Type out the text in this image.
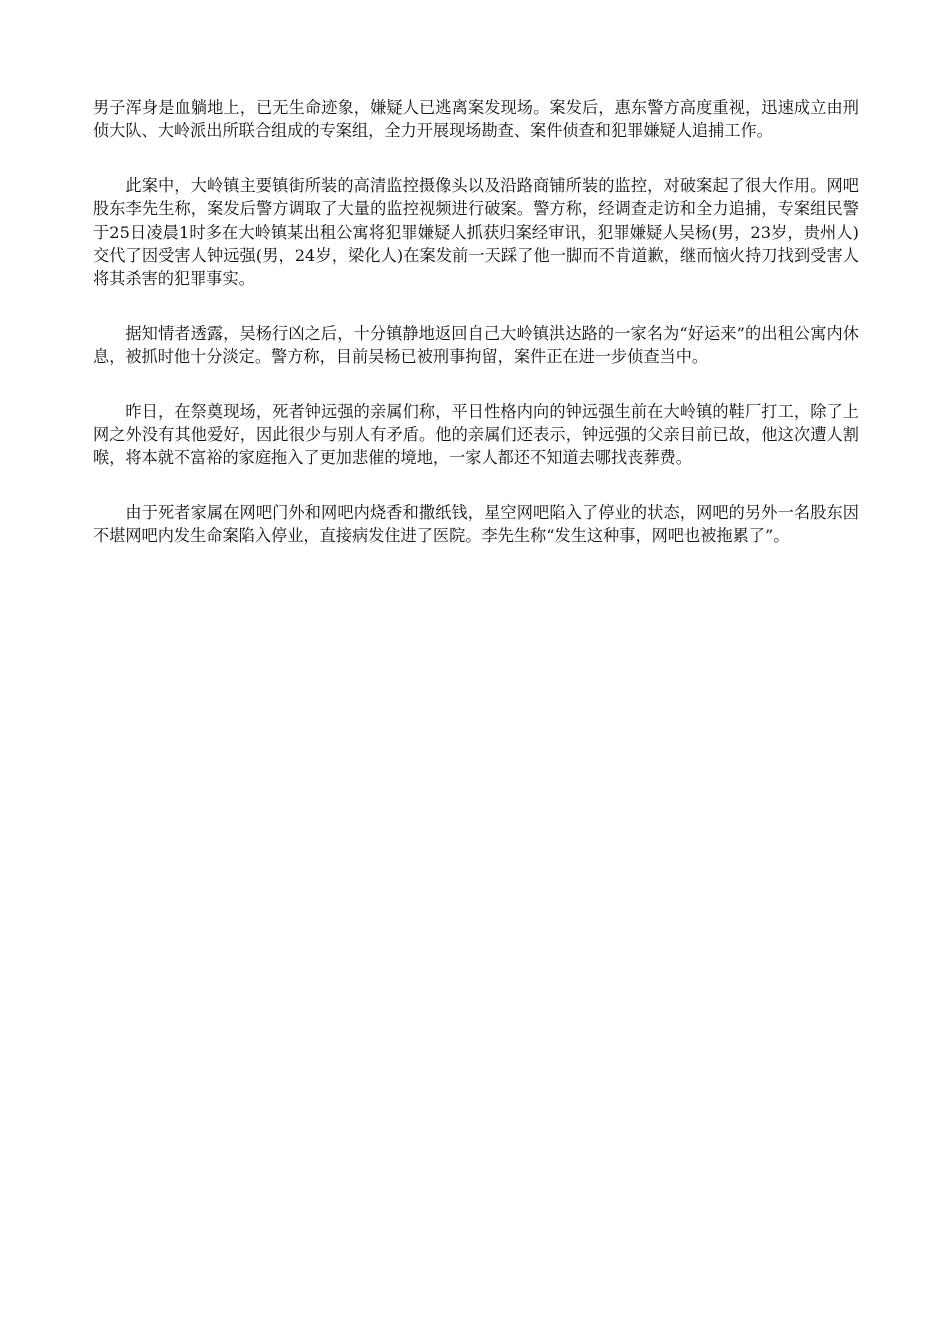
男子浑身是血躺地上，已无生命迹象，嫌疑人已逃离案发现场。案发后，惠东警方高度重视，迅速成立由刑侦大队、大岭派出所联合组成的专案组，全力开展现场勘查、案件侦查和犯罪嫌疑人追捕工作。

此案中，大岭镇主要镇街所装的高清监控摄像头以及沿路商铺所装的监控，对破案起了很大作用。网吧股东李先生称，案发后警方调取了大量的监控视频进行破案。警方称，经调查走访和全力追捕，专案组民警于25日凌晨1时多在大岭镇某出租公寓将犯罪嫌疑人抓获归案经审讯，犯罪嫌疑人吴杨(男，23岁，贵州人)交代了因受害人钟远强(男，24岁，梁化人)在案发前一天踩了他一脚而不肯道歉，继而恼火持刀找到受害人将其杀害的犯罪事实。

据知情者透露，吴杨行凶之后，十分镇静地返回自己大岭镇洪达路的一家名为“好运来”的出租公寓内休息，被抓时他十分淡定。警方称，目前吴杨已被刑事拘留，案件正在进一步侦查当中。

昨日，在祭奠现场，死者钟远强的亲属们称，平日性格内向的钟远强生前在大岭镇的鞋厂打工，除了上网之外没有其他爱好，因此很少与别人有矛盾。他的亲属们还表示，钟远强的父亲目前已故，他这次遭人割喉，将本就不富裕的家庭拖入了更加悲催的境地，一家人都还不知道去哪找丧葬费。

由于死者家属在网吧门外和网吧内烧香和撒纸钱，星空网吧陷入了停业的状态，网吧的另外一名股东因不堪网吧内发生命案陷入停业，直接病发住进了医院。李先生称“发生这种事，网吧也被拖累了”。
